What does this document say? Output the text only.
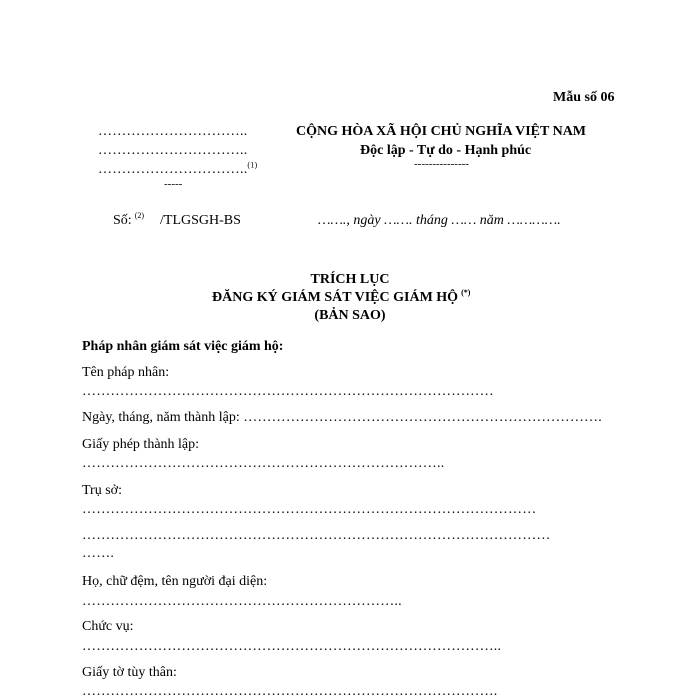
Mẫu số 06
…………………………..
…………………………..
…………………………..$^{(1)}$
-----
CỘNG HÒA XÃ HỘI CHỦ NGHĨA VIỆT NAM
Độc lập - Tự do - Hạnh phúc
---------------
Số: $^{(2)}$ /TLGSGH-BS	……., ngày ……. tháng …… năm ………….
TRÍCH LỤC
ĐĂNG KÝ GIÁM SÁT VIỆC GIÁM HỘ (*)
(BẢN SAO)
Pháp nhân giám sát việc giám hộ:
Tên pháp nhân:
……………………………………………………………………………
Ngày, tháng, năm thành lập: ………………………………………………………………….
Giấy phép thành lập:
…………………………………………………………………..
Trụ sở:
……………………………………………………………………………………
………………………………………………………………………………………
…….
Họ, chữ đệm, tên người đại diện:
…………………………………………………………..
Chức vụ:
……………………………………………………………………………..
Giấy tờ tùy thân:
…………………………………………………………………………….
